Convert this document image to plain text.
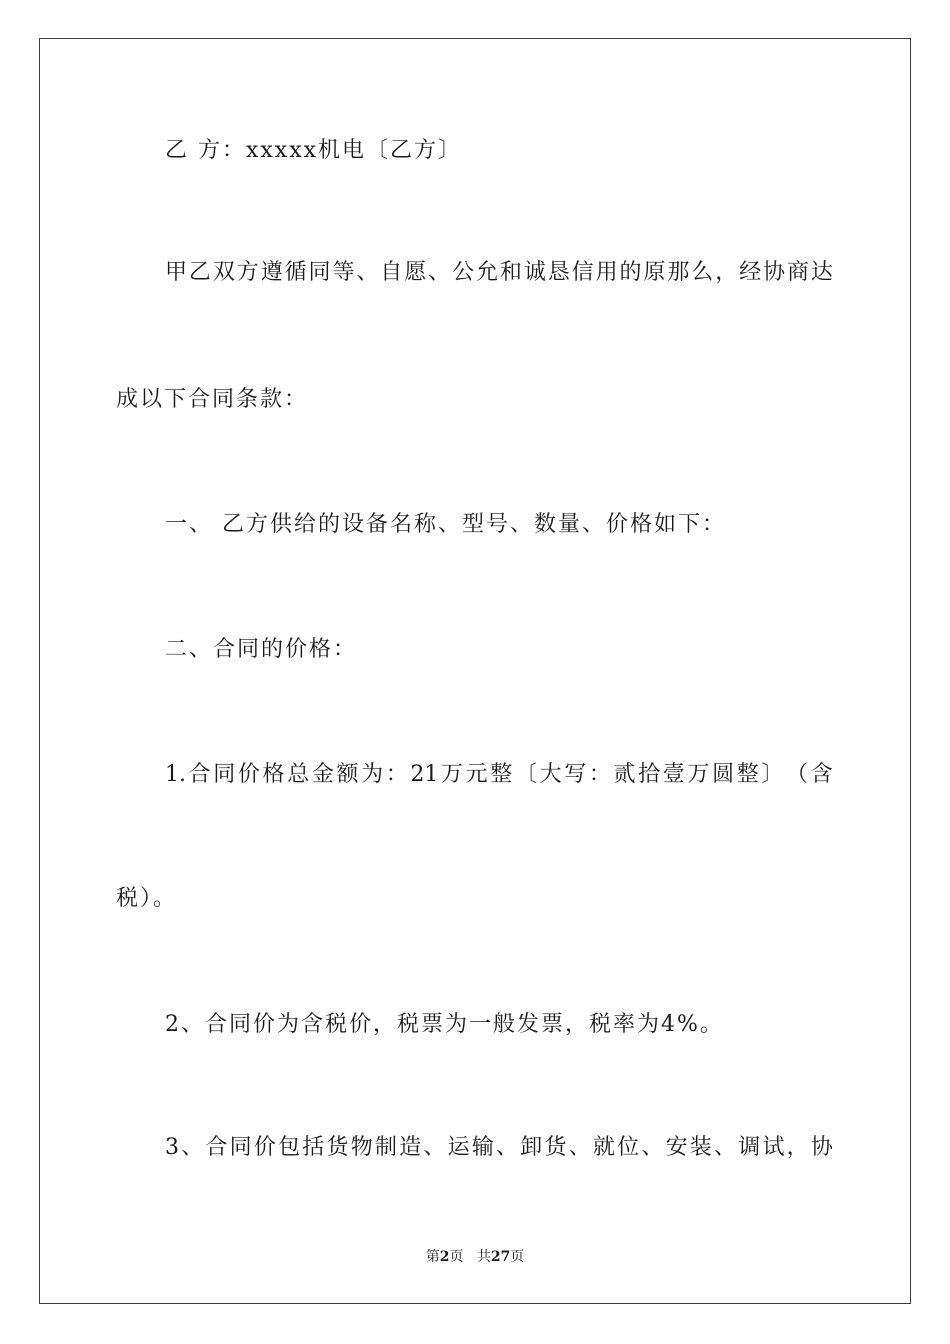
乙 方：xxxxx机电〔乙方〕
甲 乙 双 方 遵 循 同 等 、 自 愿 、 公 允 和 诚 恳 信 用 的 原 那 么 ， 经 协 商 达
成以下合同条款：
一、 乙方供给的设备名称、型号、数量、价格如下：
二、合同的价格：
1. 合 同 价 格 总 金 额 为 ： 21 万 元 整 〔 大 写 ： 贰 拾 壹 万 圆 整 〕 （ 含
税）。
2、合同价为含税价，税票为一般发票，税率为4%。
3 、 合 同 价 包 括 货 物 制 造 、 运 输 、 卸 货 、 就 位 、 安 装 、 调 试 ， 协
第2页 共27页
